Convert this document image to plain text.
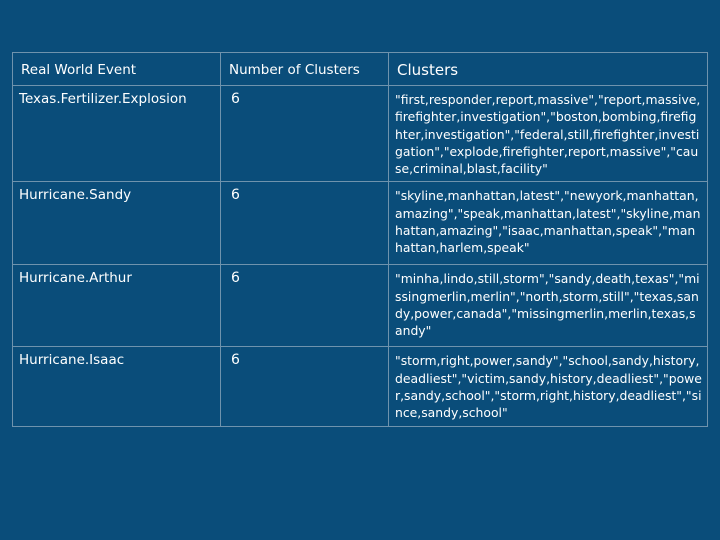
Real World Event	Number of Clusters	Clusters

Texas.Fertilizer.Explosion	6	"first,responder,report,massive","report,massive,firefighter,investigation","boston,bombing,firefighter,investigation","federal,still,firefighter,investigation","explode,firefighter,report,massive","cause,criminal,blast,facility"

Hurricane.Sandy	6	"skyline,manhattan,latest","newyork,manhattan,amazing","speak,manhattan,latest","skyline,manhattan,amazing","isaac,manhattan,speak","manhattan,harlem,speak"

Hurricane.Arthur	6	"minha,lindo,still,storm","sandy,death,texas","missingmerlin,merlin","north,storm,still","texas,sandy,power,canada","missingmerlin,merlin,texas,sandy"

Hurricane.Isaac	6	"storm,right,power,sandy","school,sandy,history,deadliest","victim,sandy,history,deadliest","power,sandy,school","storm,right,history,deadliest","since,sandy,school"
